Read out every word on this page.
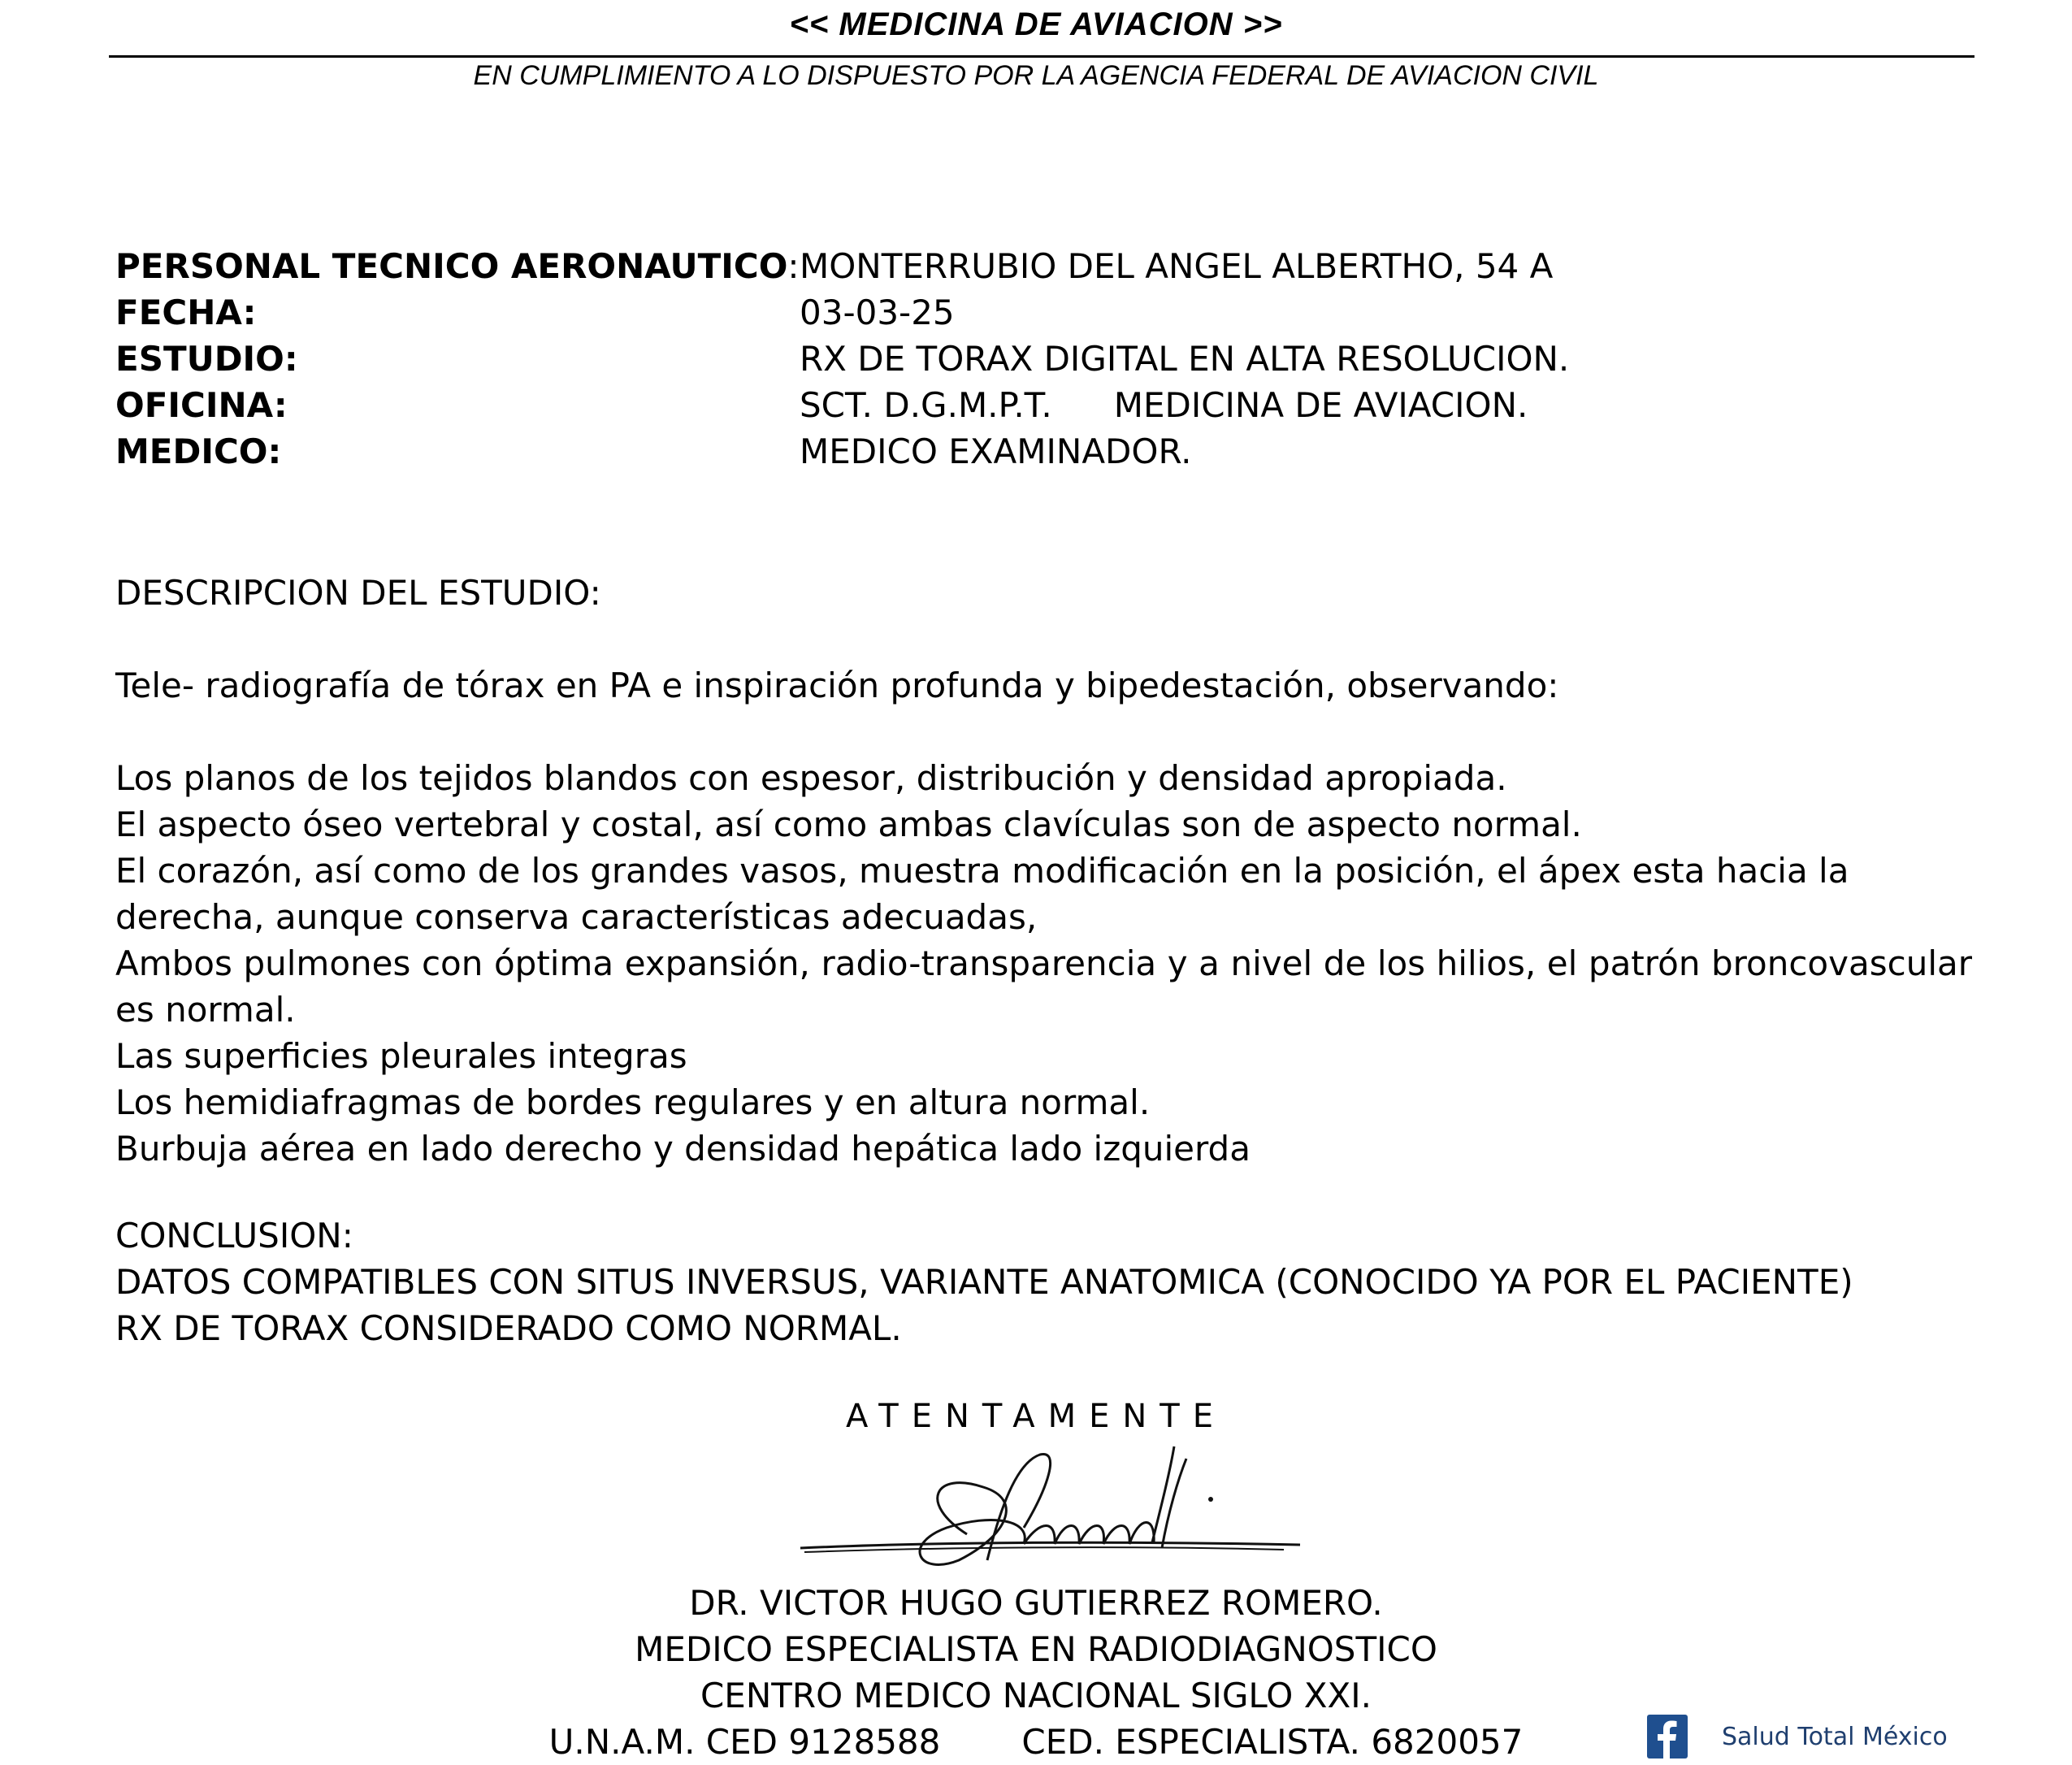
<< MEDICINA DE AVIACION >>
EN CUMPLIMIENTO A LO DISPUESTO POR LA AGENCIA FEDERAL DE AVIACION CIVIL
PERSONAL TECNICO AERONAUTICO: MONTERRUBIO DEL ANGEL ALBERTHO, 54 A
FECHA:	03-03-25
ESTUDIO:	RX DE TORAX DIGITAL EN ALTA RESOLUCION.
OFICINA:	SCT. D.G.M.P.T. MEDICINA DE AVIACION.
MEDICO:	MEDICO EXAMINADOR.
DESCRIPCION DEL ESTUDIO:
Tele- radiografía de tórax en PA e inspiración profunda y bipedestación, observando:

Los planos de los tejidos blandos con espesor, distribución y densidad apropiada.

El aspecto óseo vertebral y costal, así como ambas clavículas son de aspecto normal.

El corazón, así como de los grandes vasos, muestra modificación en la posición, el ápex esta hacia la derecha, aunque conserva características adecuadas,

Ambos pulmones con óptima expansión, radio-transparencia y a nivel de los hilios, el patrón broncovascular es normal.

Las superficies pleurales integras

Los hemidiafragmas de bordes regulares y en altura normal.

Burbuja aérea en lado derecho y densidad hepática lado izquierda

CONCLUSION:

DATOS COMPATIBLES CON SITUS INVERSUS, VARIANTE ANATOMICA (CONOCIDO YA POR EL PACIENTE)

RX DE TORAX CONSIDERADO COMO NORMAL.

ATENTAMENTE
DR. VICTOR HUGO GUTIERREZ ROMERO.
MEDICO ESPECIALISTA EN RADIODIAGNOSTICO
CENTRO MEDICO NACIONAL SIGLO XXI.
U.N.A.M. CED 9128588 CED. ESPECIALISTA. 6820057	Salud Total México
